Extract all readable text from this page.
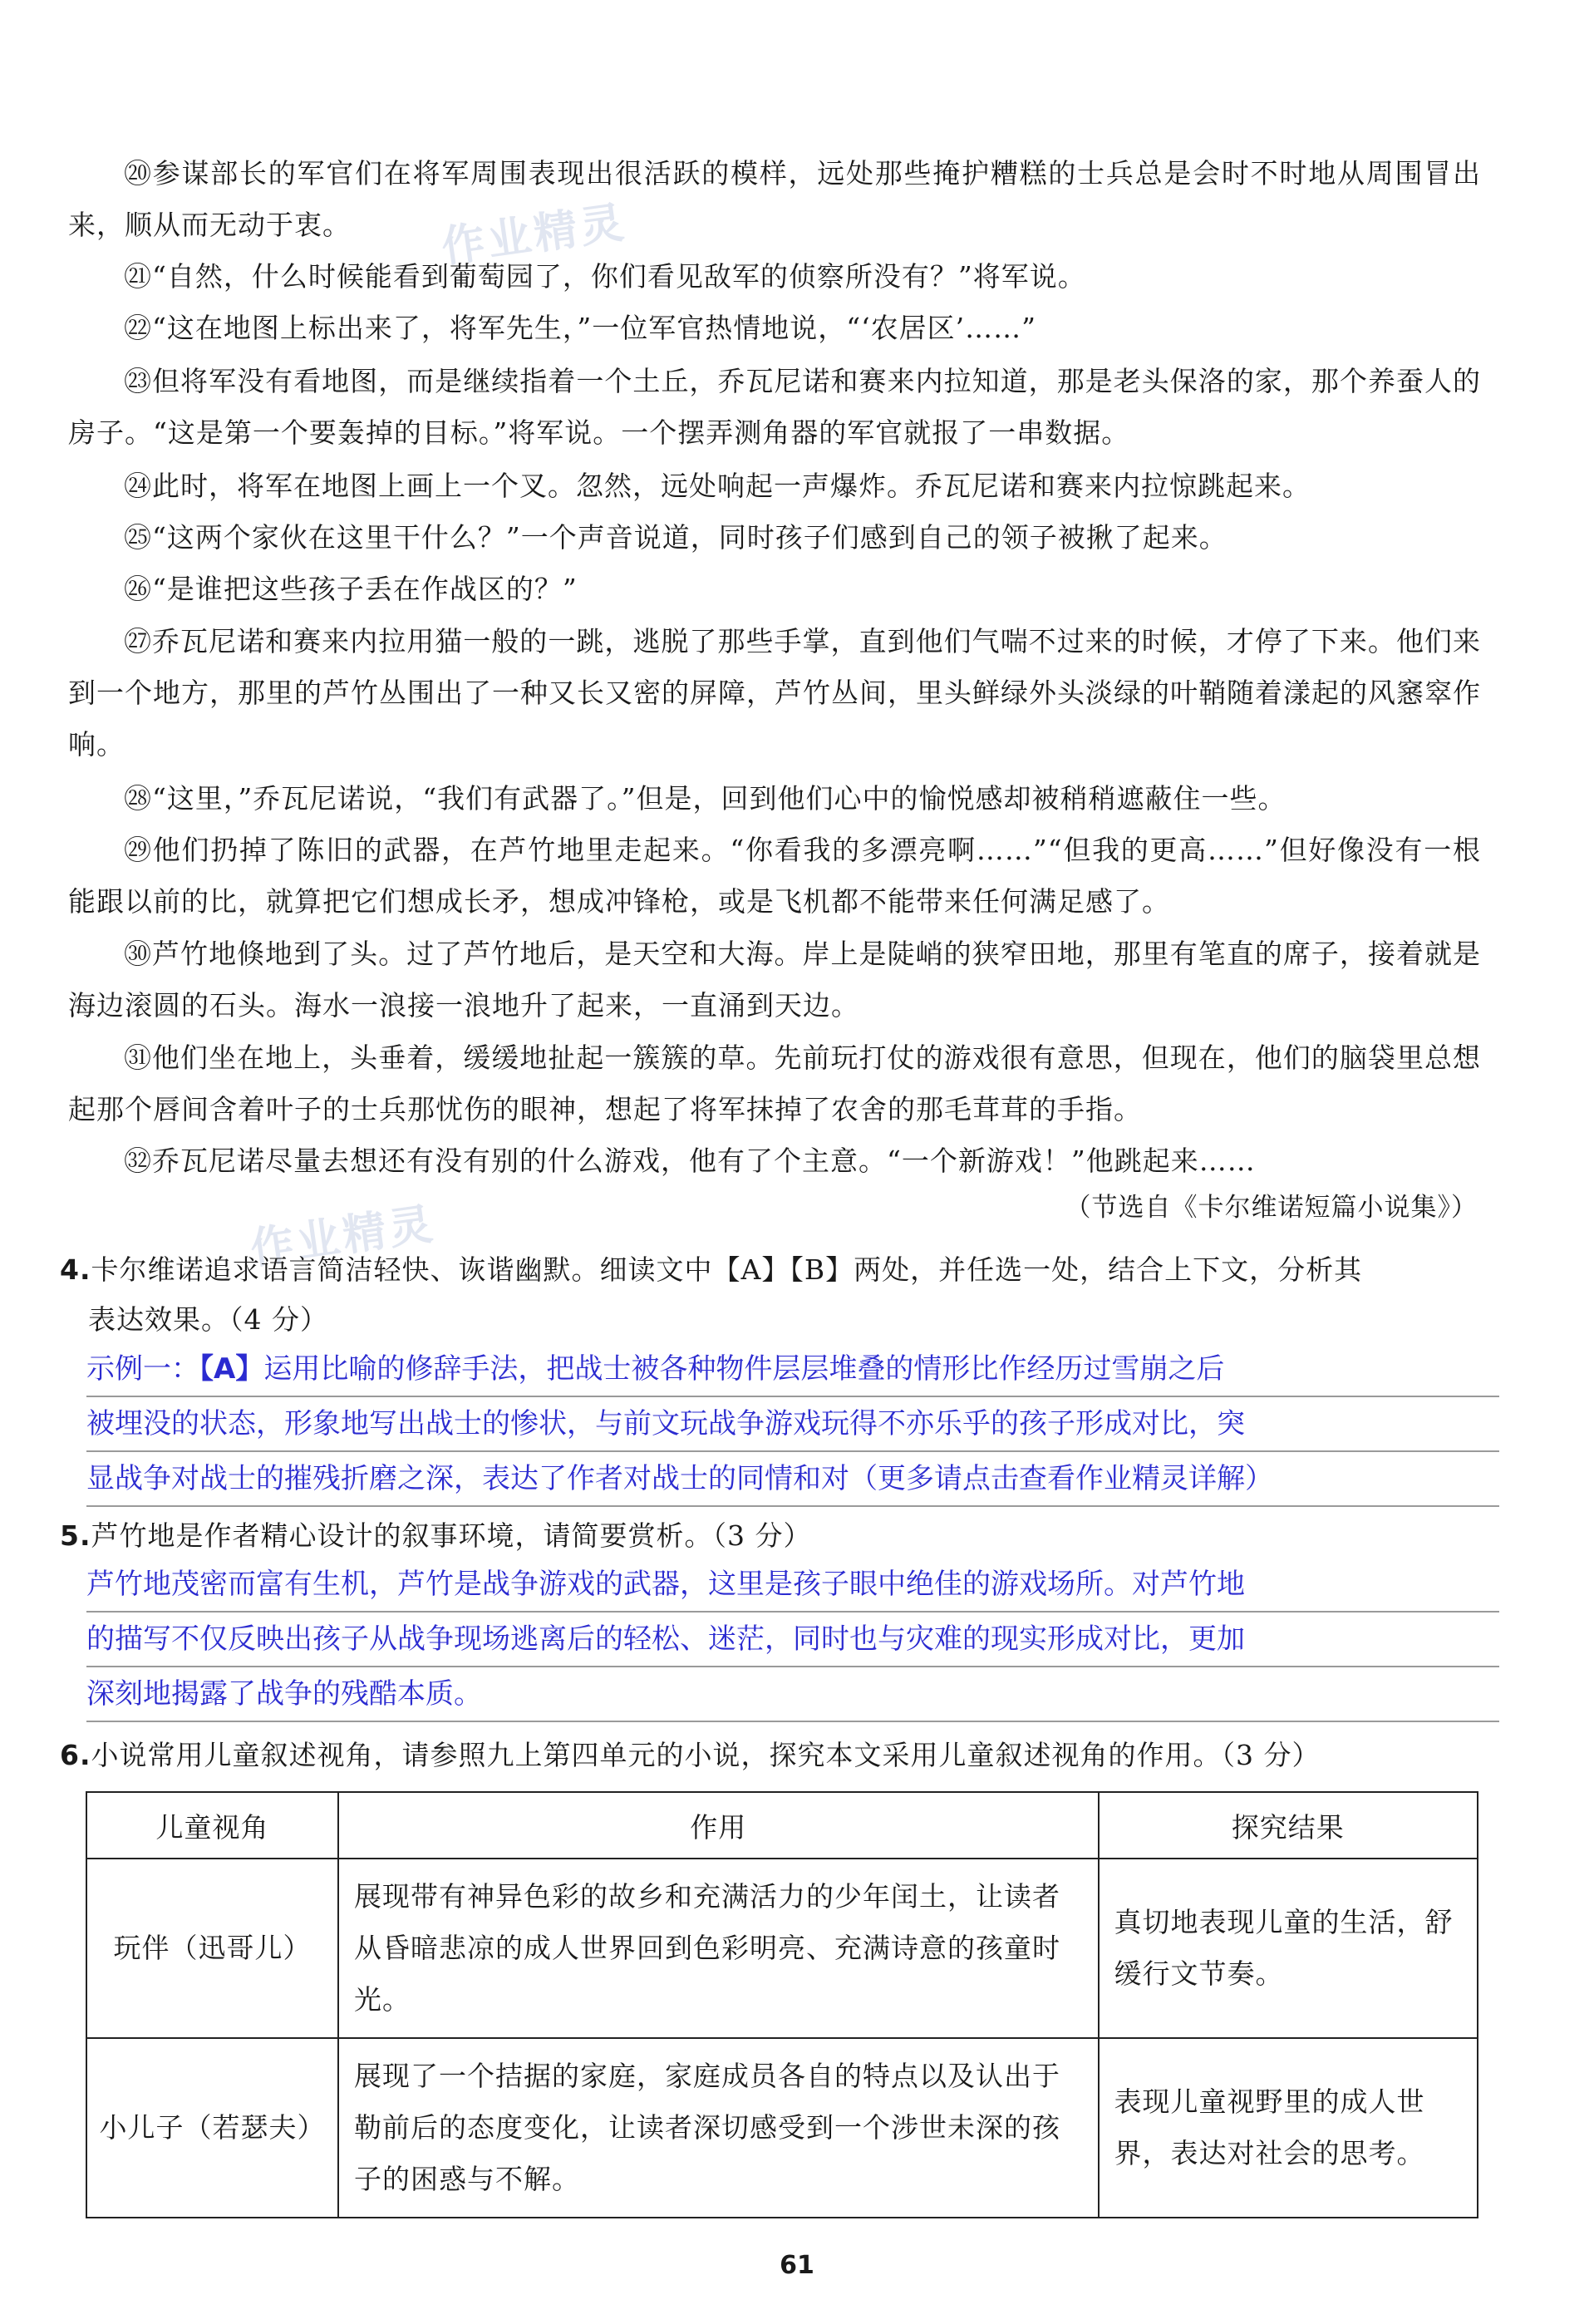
作业精灵
作业精灵

⑳参谋部长的军官们在将军周围表现出很活跃的模样，远处那些掩护糟糕的士兵总是会时不时地从周围冒出来，顺从而无动于衷。

㉑“自然，什么时候能看到葡萄园了，你们看见敌军的侦察所没有？”将军说。

㉒“这在地图上标出来了，将军先生，”一位军官热情地说，“‘农居区’……”

㉓但将军没有看地图，而是继续指着一个土丘，乔瓦尼诺和赛来内拉知道，那是老头保洛的家，那个养蚕人的房子。“这是第一个要轰掉的目标。”将军说。一个摆弄测角器的军官就报了一串数据。

㉔此时，将军在地图上画上一个叉。忽然，远处响起一声爆炸。乔瓦尼诺和赛来内拉惊跳起来。

㉕“这两个家伙在这里干什么？”一个声音说道，同时孩子们感到自己的领子被揪了起来。

㉖“是谁把这些孩子丢在作战区的？”

㉗乔瓦尼诺和赛来内拉用猫一般的一跳，逃脱了那些手掌，直到他们气喘不过来的时候，才停了下来。他们来到一个地方，那里的芦竹丛围出了一种又长又密的屏障，芦竹丛间，里头鲜绿外头淡绿的叶鞘随着漾起的风窸窣作响。

㉘“这里，”乔瓦尼诺说，“我们有武器了。”但是，回到他们心中的愉悦感却被稍稍遮蔽住一些。

㉙他们扔掉了陈旧的武器，在芦竹地里走起来。“你看我的多漂亮啊……”“但我的更高……”但好像没有一根能跟以前的比，就算把它们想成长矛，想成冲锋枪，或是飞机都不能带来任何满足感了。

㉚芦竹地倏地到了头。过了芦竹地后，是天空和大海。岸上是陡峭的狭窄田地，那里有笔直的席子，接着就是海边滚圆的石头。海水一浪接一浪地升了起来，一直涌到天边。

㉛他们坐在地上，头垂着，缓缓地扯起一簇簇的草。先前玩打仗的游戏很有意思，但现在，他们的脑袋里总想起那个唇间含着叶子的士兵那忧伤的眼神，想起了将军抹掉了农舍的那毛茸茸的手指。

㉜乔瓦尼诺尽量去想还有没有别的什么游戏，他有了个主意。“一个新游戏！”他跳起来……

（节选自《卡尔维诺短篇小说集》）

4.卡尔维诺追求语言简洁轻快、诙谐幽默。细读文中【A】【B】两处，并任选一处，结合上下文，分析其
表达效果。（4 分）

示例一：【A】运用比喻的修辞手法，把战士被各种物件层层堆叠的情形比作经历过雪崩之后
被埋没的状态，形象地写出战士的惨状，与前文玩战争游戏玩得不亦乐乎的孩子形成对比，突
显战争对战士的摧残折磨之深，表达了作者对战士的同情和对（更多请点击查看作业精灵详解）

5.芦竹地是作者精心设计的叙事环境，请简要赏析。（3 分）

芦竹地茂密而富有生机，芦竹是战争游戏的武器，这里是孩子眼中绝佳的游戏场所。对芦竹地
的描写不仅反映出孩子从战争现场逃离后的轻松、迷茫，同时也与灾难的现实形成对比，更加
深刻地揭露了战争的残酷本质。

6.小说常用儿童叙述视角，请参照九上第四单元的小说，探究本文采用儿童叙述视角的作用。（3 分）

儿童视角	作用	探究结果
玩伴（迅哥儿）	展现带有神异色彩的故乡和充满活力的少年闰土，让读者从昏暗悲凉的成人世界回到色彩明亮、充满诗意的孩童时光。	真切地表现儿童的生活，舒缓行文节奏。
小儿子（若瑟夫）	展现了一个拮据的家庭，家庭成员各自的特点以及认出于勒前后的态度变化，让读者深切感受到一个涉世未深的孩子的困惑与不解。	表现儿童视野里的成人世界，表达对社会的思考。
61
